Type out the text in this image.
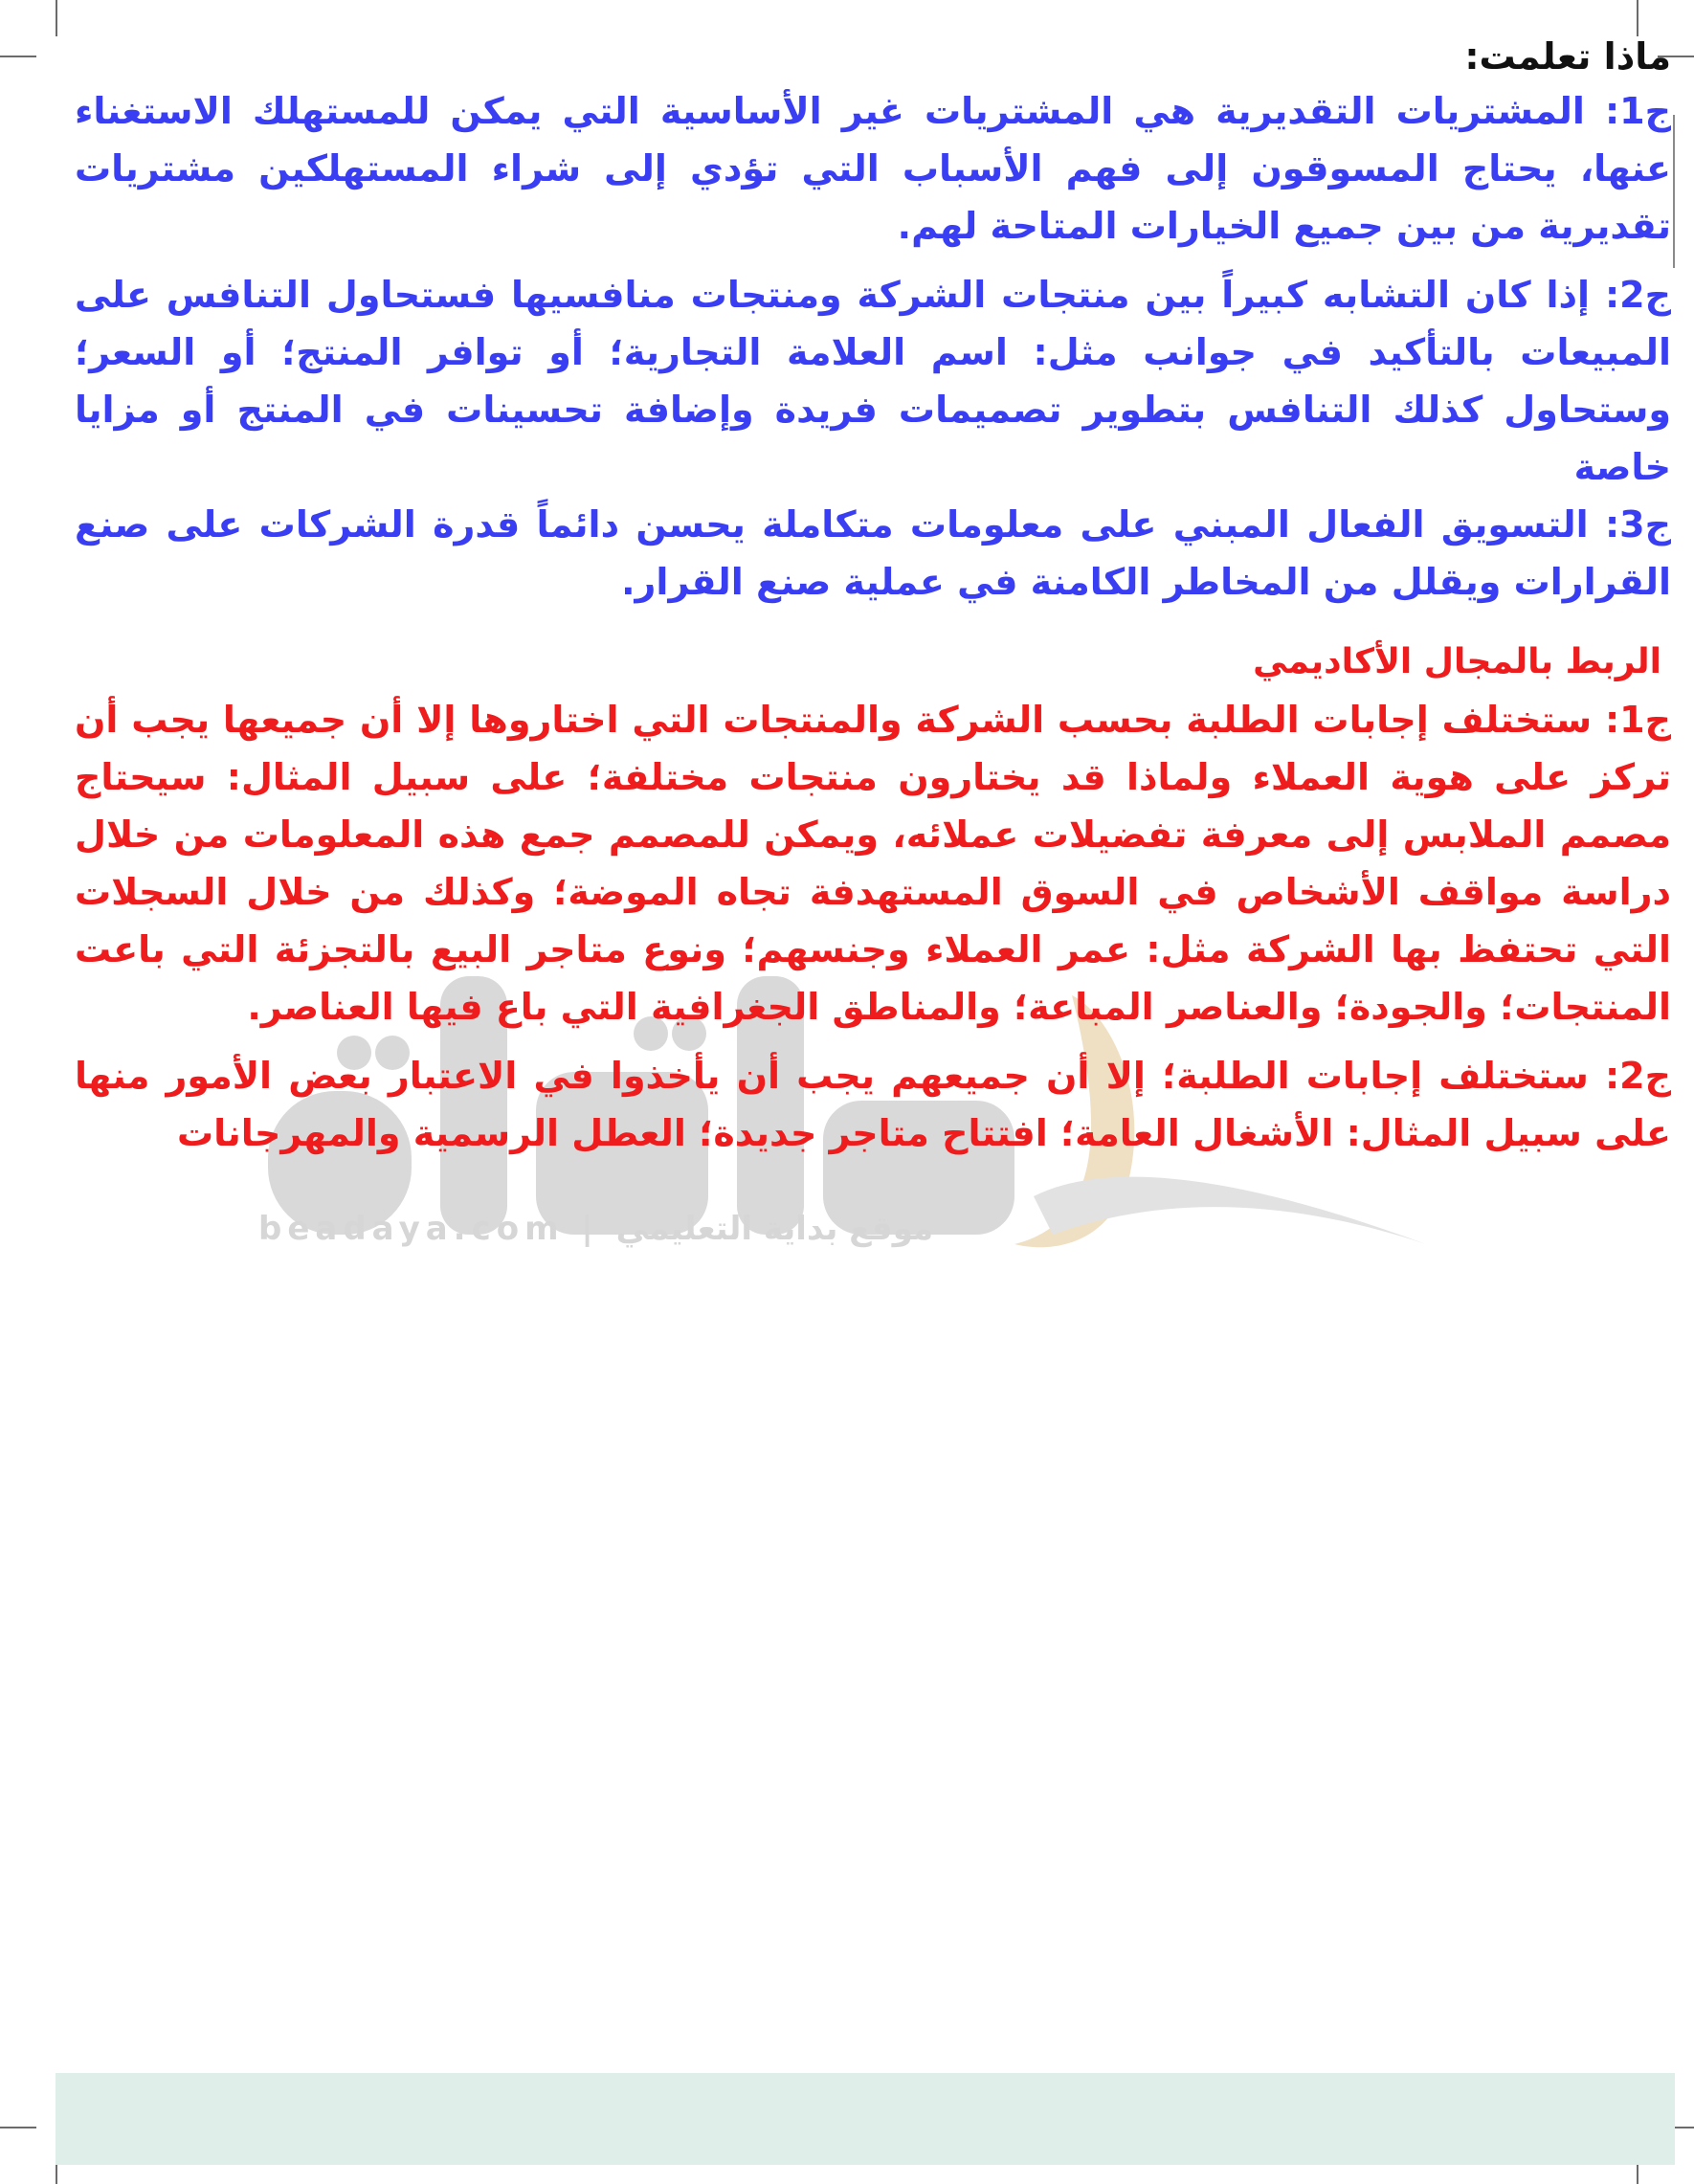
beadaya.com | موقع بداية التعليمي
ماذا تعلمت:

ج1: المشتريات التقديرية هي المشتريات غير الأساسية التي يمكن للمستهلك الاستغناء عنها، يحتاج المسوقون إلى فهم الأسباب التي تؤدي إلى شراء المستهلكين مشتريات تقديرية من بين جميع الخيارات المتاحة لهم.

ج2: إذا كان التشابه كبيراً بين منتجات الشركة ومنتجات منافسيها فستحاول التنافس على المبيعات بالتأكيد في جوانب مثل: اسم العلامة التجارية؛ أو توافر المنتج؛ أو السعر؛ وستحاول كذلك التنافس بتطوير تصميمات فريدة وإضافة تحسينات في المنتج أو مزايا خاصة

ج3: التسويق الفعال المبني على معلومات متكاملة يحسن دائماً قدرة الشركات على صنع القرارات ويقلل من المخاطر الكامنة في عملية صنع القرار.

الربط بالمجال الأكاديمي

ج1: ستختلف إجابات الطلبة بحسب الشركة والمنتجات التي اختاروها إلا أن جميعها يجب أن تركز على هوية العملاء ولماذا قد يختارون منتجات مختلفة؛ على سبيل المثال: سيحتاج مصمم الملابس إلى معرفة تفضيلات عملائه، ويمكن للمصمم جمع هذه المعلومات من خلال دراسة مواقف الأشخاص في السوق المستهدفة تجاه الموضة؛ وكذلك من خلال السجلات التي تحتفظ بها الشركة مثل: عمر العملاء وجنسهم؛ ونوع متاجر البيع بالتجزئة التي باعت المنتجات؛ والجودة؛ والعناصر المباعة؛ والمناطق الجغرافية التي باع فيها العناصر.

ج2: ستختلف إجابات الطلبة؛ إلا أن جميعهم يجب أن يأخذوا في الاعتبار بعض الأمور منها على سبيل المثال: الأشغال العامة؛ افتتاح متاجر جديدة؛ العطل الرسمية والمهرجانات
